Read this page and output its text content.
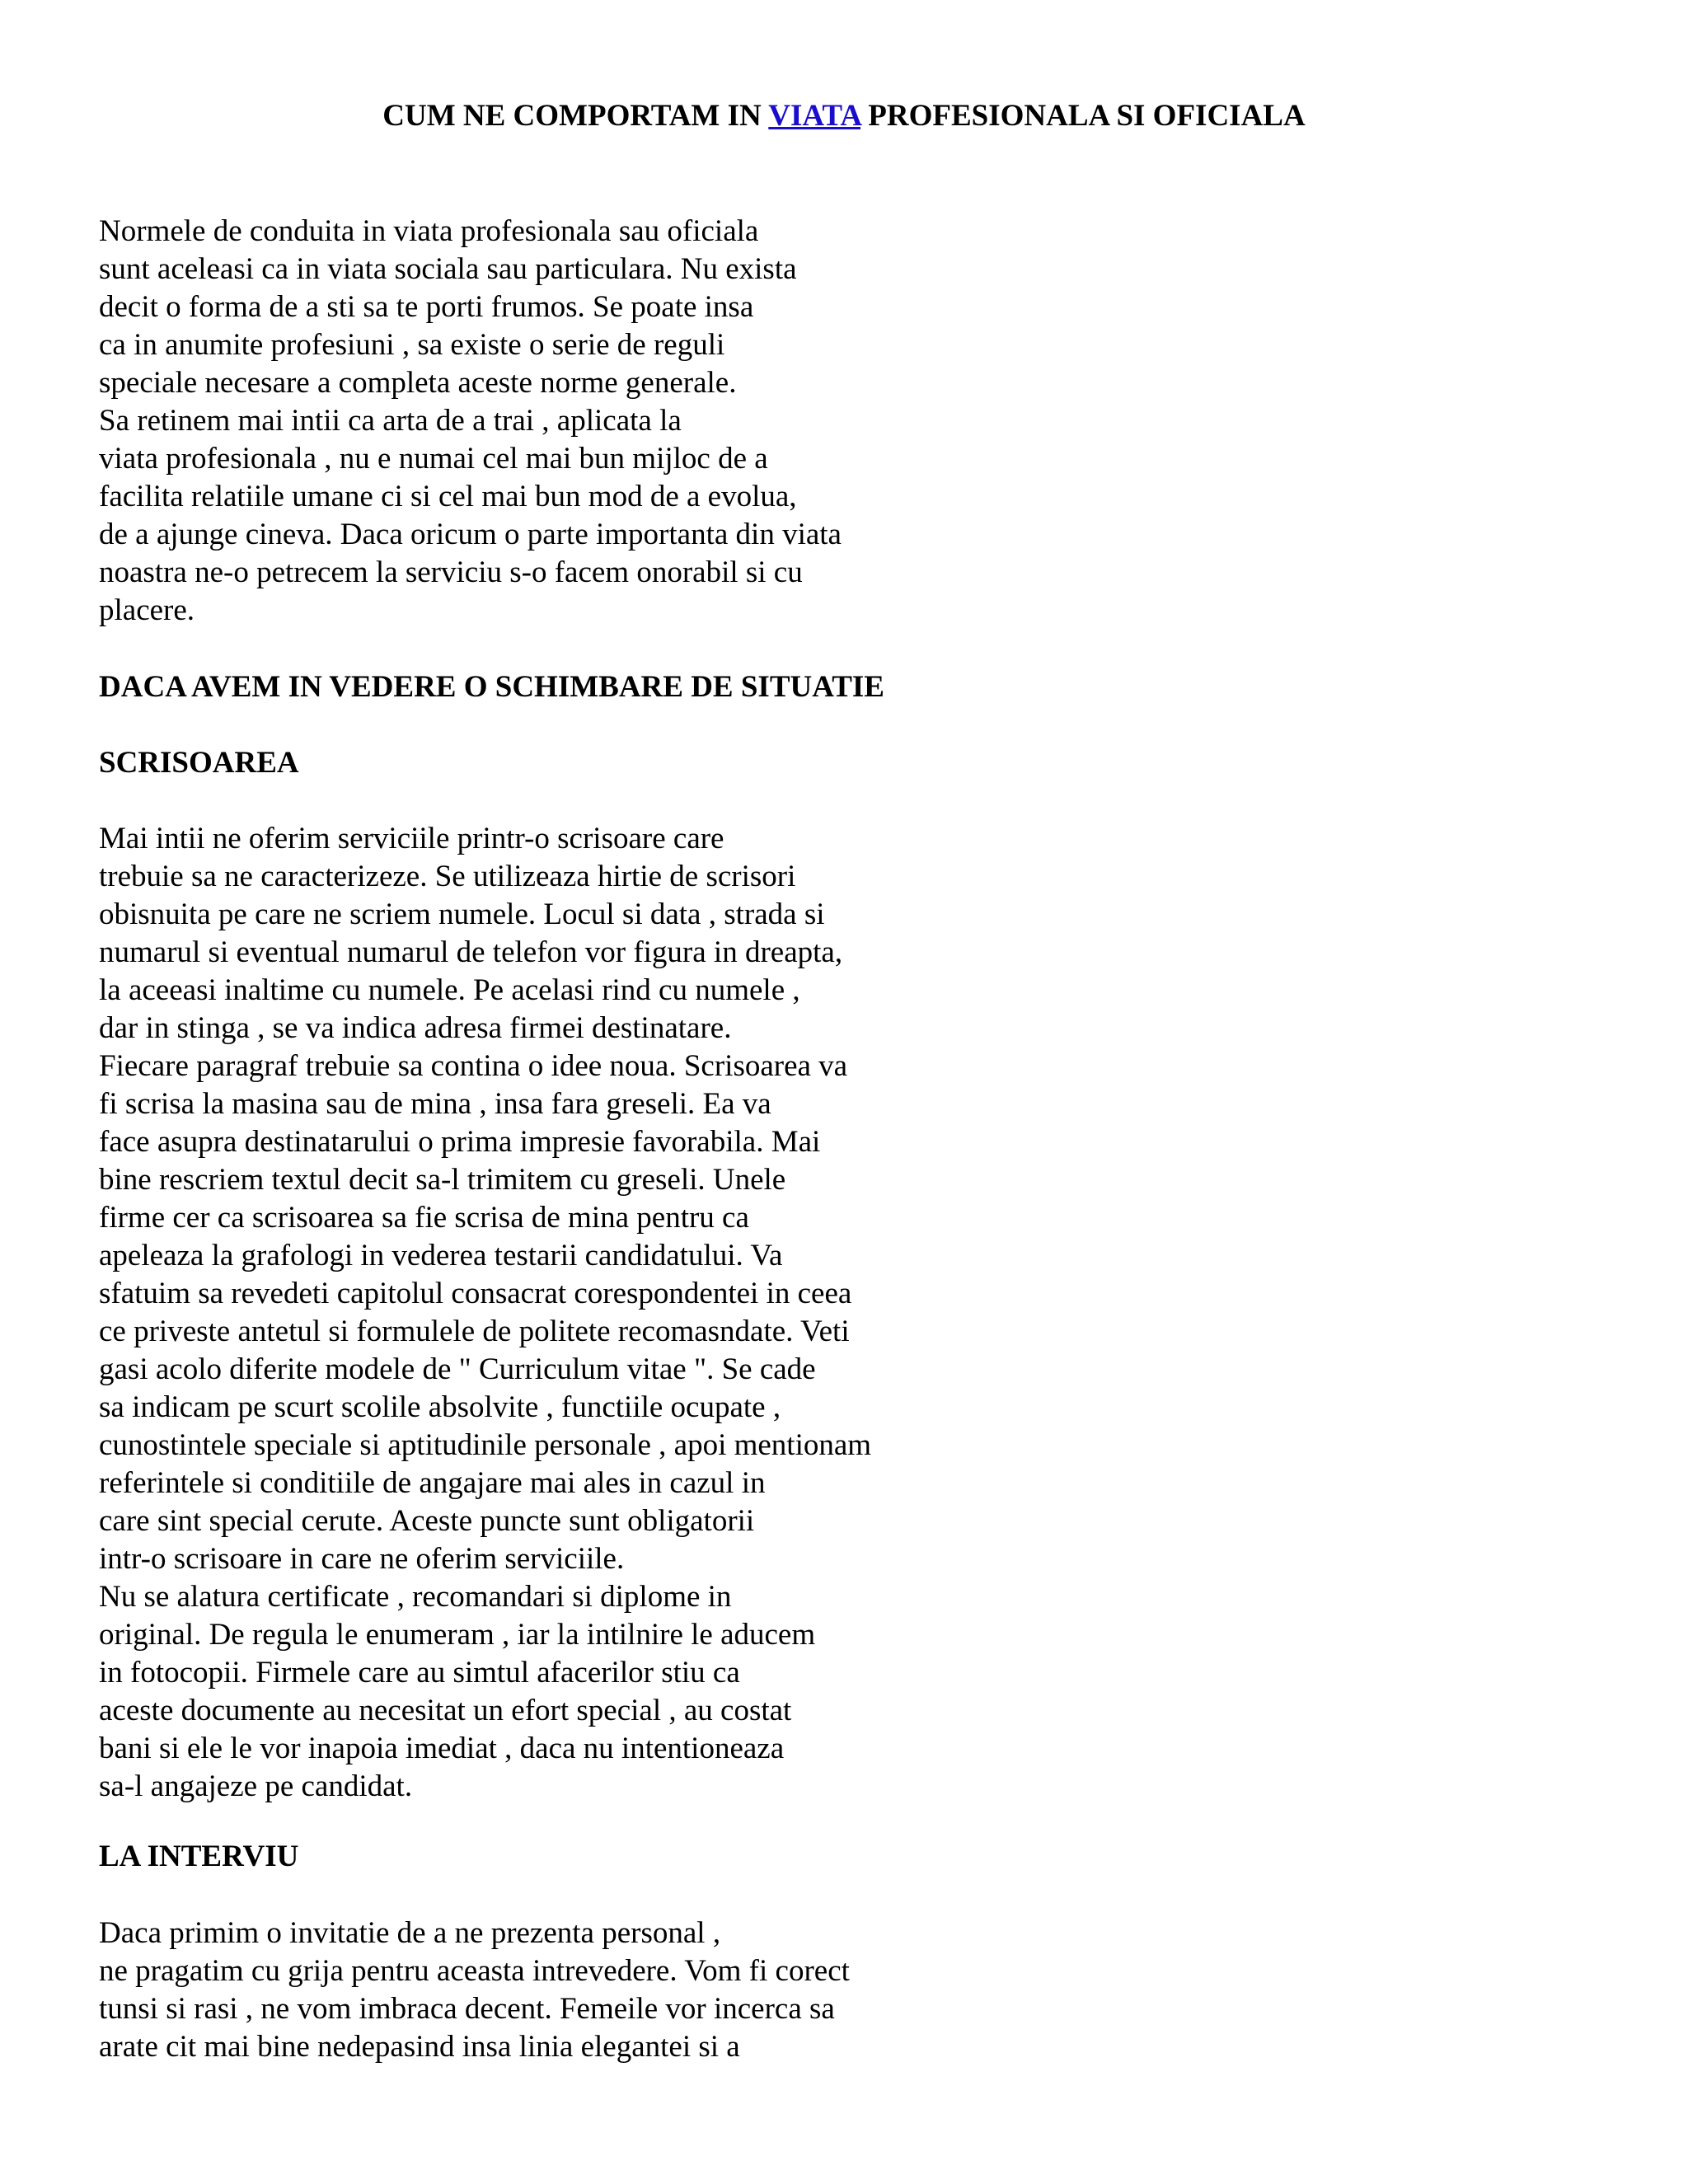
CUM NE COMPORTAM IN VIATA PROFESIONALA SI OFICIALA
Normele de conduita in viata profesionala sau oficiala
sunt aceleasi ca in viata sociala sau particulara. Nu exista
decit o forma de a sti sa te porti frumos. Se poate insa
ca in anumite profesiuni , sa existe o serie de reguli
speciale necesare a completa aceste norme generale.
Sa retinem mai intii ca arta de a trai , aplicata la
viata profesionala , nu e numai cel mai bun mijloc de a
facilita relatiile umane ci si cel mai bun mod de a evolua,
de a ajunge cineva. Daca oricum o parte importanta din viata
noastra ne-o petrecem la serviciu s-o facem onorabil si cu
placere.
DACA AVEM IN VEDERE O SCHIMBARE DE SITUATIE
SCRISOAREA
Mai intii ne oferim serviciile printr-o scrisoare care
trebuie sa ne caracterizeze. Se utilizeaza hirtie de scrisori
obisnuita pe care ne scriem numele. Locul si data , strada si
numarul si eventual numarul de telefon vor figura in dreapta,
la aceeasi inaltime cu numele. Pe acelasi rind cu numele ,
dar in stinga , se va indica adresa firmei destinatare.
Fiecare paragraf trebuie sa contina o idee noua. Scrisoarea va
fi scrisa la masina sau de mina , insa fara greseli. Ea va
face asupra destinatarului o prima impresie favorabila. Mai
bine rescriem textul decit sa-l trimitem cu greseli. Unele
firme cer ca scrisoarea sa fie scrisa de mina pentru ca
apeleaza la grafologi in vederea testarii candidatului. Va
sfatuim sa revedeti capitolul consacrat corespondentei in ceea
ce priveste antetul si formulele de politete recomasndate. Veti
gasi acolo diferite modele de " Curriculum vitae ". Se cade
sa indicam pe scurt scolile absolvite , functiile ocupate ,
cunostintele speciale si aptitudinile personale , apoi mentionam
referintele si conditiile de angajare mai ales in cazul in
care sint special cerute. Aceste puncte sunt obligatorii
intr-o scrisoare in care ne oferim serviciile.
Nu se alatura certificate , recomandari si diplome in
original. De regula le enumeram , iar la intilnire le aducem
in fotocopii. Firmele care au simtul afacerilor stiu ca
aceste documente au necesitat un efort special , au costat
bani si ele le vor inapoia imediat , daca nu intentioneaza
sa-l angajeze pe candidat.
LA INTERVIU
Daca primim o invitatie de a ne prezenta personal ,
ne pragatim cu grija pentru aceasta intrevedere. Vom fi corect
tunsi si rasi , ne vom imbraca decent. Femeile vor incerca sa
arate cit mai bine nedepasind insa linia elegantei si a
